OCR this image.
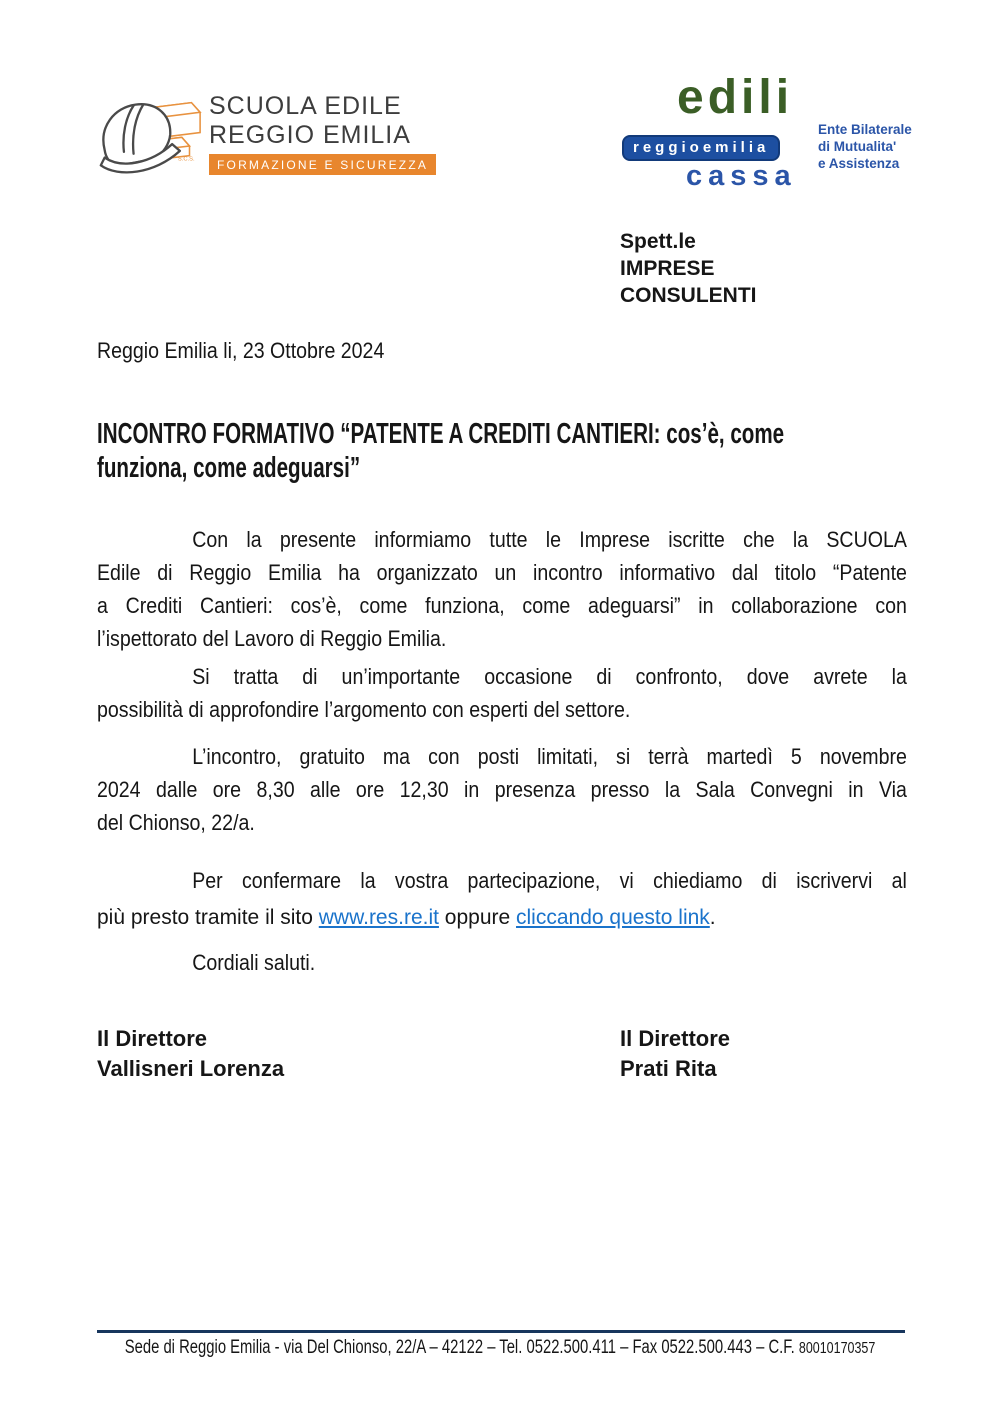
S.C.S.
SCUOLA EDILE
REGGIO EMILIA
FORMAZIONE E SICUREZZA
edili
reggioemilia
cassa
Ente Bilaterale
di Mutualita'
e Assistenza
Spett.le
IMPRESE
CONSULENTI
Reggio Emilia li, 23 Ottobre 2024
INCONTRO FORMATIVO “PATENTE A CREDITI CANTIERI: cos’è, come
funziona, come adeguarsi”
Con la presente informiamo tutte le Imprese iscritte che la SCUOLA
Edile di Reggio Emilia ha organizzato un incontro informativo dal titolo “Patente
a Crediti Cantieri: cos’è, come funziona, come adeguarsi” in collaborazione con
l’ispettorato del Lavoro di Reggio Emilia.
Si tratta di un’importante occasione di confronto, dove avrete la
possibilità di approfondire l’argomento con esperti del settore.
L’incontro, gratuito ma con posti limitati, si terrà martedì 5 novembre
2024 dalle ore 8,30 alle ore 12,30 in presenza presso la Sala Convegni in Via
del Chionso, 22/a.
Per confermare la vostra partecipazione, vi chiediamo di iscrivervi al
più presto tramite il sito www.res.re.it oppure cliccando questo link.
Cordiali saluti.
Il Direttore
Vallisneri Lorenza
Il Direttore
Prati Rita
Sede di Reggio Emilia - via Del Chionso, 22/A – 42122 – Tel. 0522.500.411 – Fax 0522.500.443 – C.F. 80010170357
